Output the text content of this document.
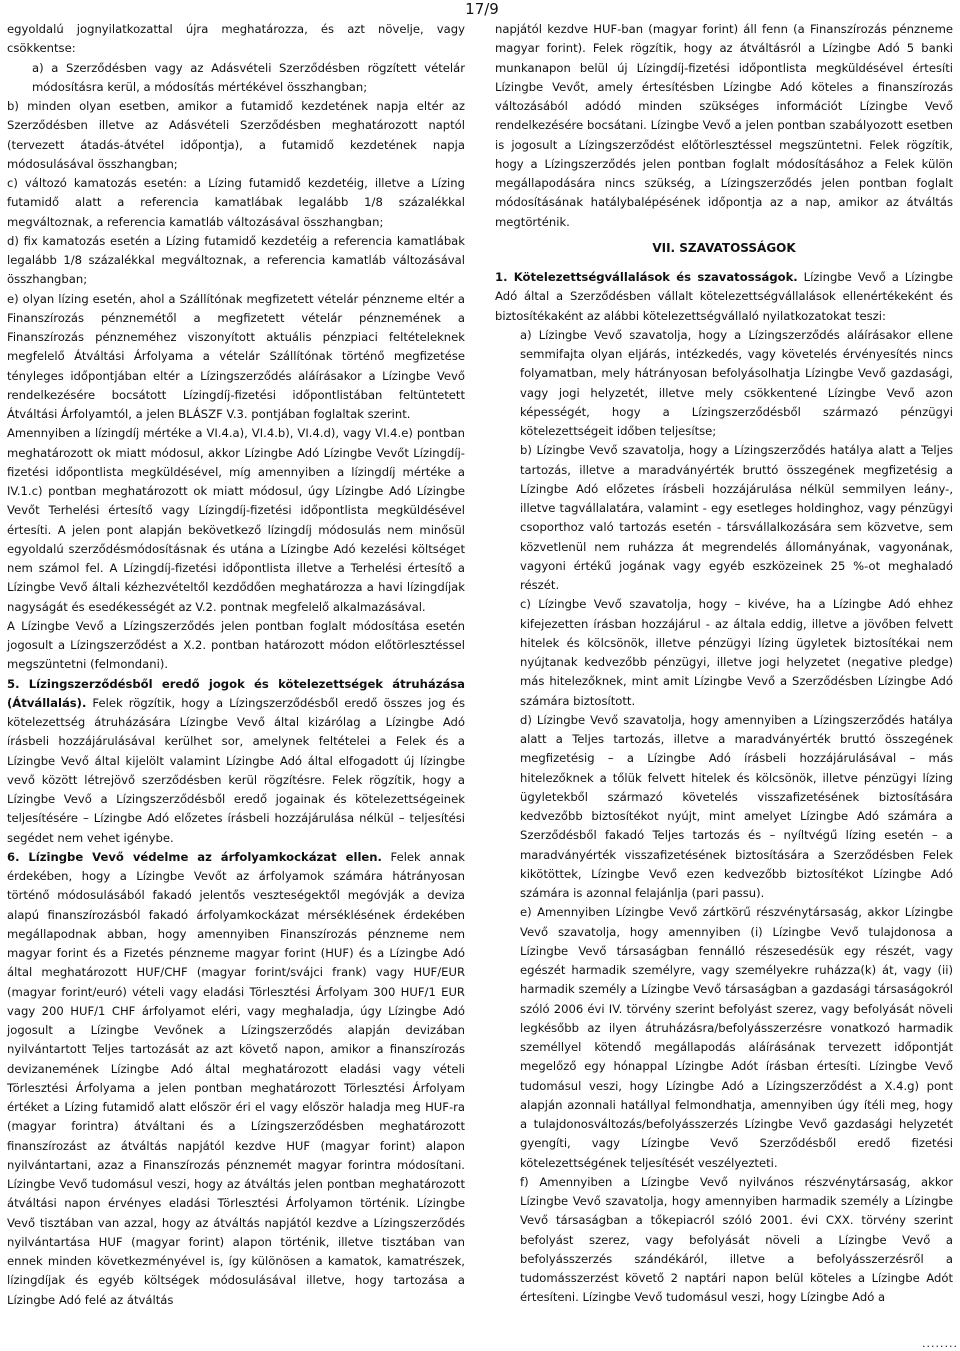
17/9

egyoldalú jognyilatkozattal újra meghatározza, és azt növelje, vagy csökkentse:

a) a Szerződésben vagy az Adásvételi Szerződésben rögzített vételár módosításra kerül, a módosítás mértékével összhangban;

b) minden olyan esetben, amikor a futamidő kezdetének napja eltér az Szerződésben illetve az Adásvételi Szerződésben meghatározott naptól (tervezett átadás-átvétel időpontja), a futamidő kezdetének napja módosulásával összhangban;

c) változó kamatozás esetén: a Lízing futamidő kezdetéig, illetve a Lízing futamidő alatt a referencia kamatlábak legalább 1/8 százalékkal megváltoznak, a referencia kamatláb változásával összhangban;

d) fix kamatozás esetén a Lízing futamidő kezdetéig a referencia kamatlábak legalább 1/8 százalékkal megváltoznak, a referencia kamatláb változásával összhangban;

e) olyan lízing esetén, ahol a Szállítónak megfizetett vételár pénzneme eltér a Finanszírozás pénznemétől a megfizetett vételár pénznemének a Finanszírozás pénzneméhez viszonyított aktuális pénzpiaci feltételeknek megfelelő Átváltási Árfolyama a vételár Szállítónak történő megfizetése tényleges időpontjában eltér a Lízingszerződés aláírásakor a Lízingbe Vevő rendelkezésére bocsátott Lízingdíj-fizetési időpontlistában feltüntetett Átváltási Árfolyamtól, a jelen BLÁSZF V.3. pontjában foglaltak szerint.

Amennyiben a lízingdíj mértéke a VI.4.a), VI.4.b), VI.4.d), vagy VI.4.e) pontban meghatározott ok miatt módosul, akkor Lízingbe Adó Lízingbe Vevőt Lízingdíj-fizetési időpontlista megküldésével, míg amennyiben a lízingdíj mértéke a IV.1.c) pontban meghatározott ok miatt módosul, úgy Lízingbe Adó Lízingbe Vevőt Terhelési értesítő vagy Lízingdíj-fizetési időpontlista megküldésével értesíti. A jelen pont alapján bekövetkező lízingdíj módosulás nem minősül egyoldalú szerződésmódosításnak és utána a Lízingbe Adó kezelési költséget nem számol fel. A Lízingdíj-fizetési időpontlista illetve a Terhelési értesítő a Lízingbe Vevő általi kézhezvételtől kezdődően meghatározza a havi lízingdíjak nagyságát és esedékességét az V.2. pontnak megfelelő alkalmazásával.

A Lízingbe Vevő a Lízingszerződés jelen pontban foglalt módosítása esetén jogosult a Lízingszerződést a X.2. pontban határozott módon előtörlesztéssel megszüntetni (felmondani).

5. Lízingszerződésből eredő jogok és kötelezettségek átruházása (Átvállalás). Felek rögzítik, hogy a Lízingszerződésből eredő összes jog és kötelezettség átruházására Lízingbe Vevő által kizárólag a Lízingbe Adó írásbeli hozzájárulásával kerülhet sor, amelynek feltételei a Felek és a Lízingbe Vevő által kijelölt valamint Lízingbe Adó által elfogadott új lízingbe vevő között létrejövő szerződésben kerül rögzítésre. Felek rögzítik, hogy a Lízingbe Vevő a Lízingszerződésből eredő jogainak és kötelezettségeinek teljesítésére – Lízingbe Adó előzetes írásbeli hozzájárulása nélkül – teljesítési segédet nem vehet igénybe.

6. Lízingbe Vevő védelme az árfolyamkockázat ellen. Felek annak érdekében, hogy a Lízingbe Vevőt az árfolyamok számára hátrányosan történő módosulásából fakadó jelentős veszteségektől megóvják a deviza alapú finanszírozásból fakadó árfolyamkockázat mérséklésének érdekében megállapodnak abban, hogy amennyiben Finanszírozás pénzneme nem magyar forint és a Fizetés pénzneme magyar forint (HUF) és a Lízingbe Adó által meghatározott HUF/CHF (magyar forint/svájci frank) vagy HUF/EUR (magyar forint/euró) vételi vagy eladási Törlesztési Árfolyam 300 HUF/1 EUR vagy 200 HUF/1 CHF árfolyamot eléri, vagy meghaladja, úgy Lízingbe Adó jogosult a Lízingbe Vevőnek a Lízingszerződés alapján devizában nyilvántartott Teljes tartozását az azt követő napon, amikor a finanszírozás devizanemének Lízingbe Adó által meghatározott eladási vagy vételi Törlesztési Árfolyama a jelen pontban meghatározott Törlesztési Árfolyam értéket a Lízing futamidő alatt először éri el vagy először haladja meg HUF-ra (magyar forintra) átváltani és a Lízingszerződésben meghatározott finanszírozást az átváltás napjától kezdve HUF (magyar forint) alapon nyilvántartani, azaz a Finanszírozás pénznemét magyar forintra módosítani. Lízingbe Vevő tudomásul veszi, hogy az átváltás jelen pontban meghatározott átváltási napon érvényes eladási Törlesztési Árfolyamon történik. Lízingbe Vevő tisztában van azzal, hogy az átváltás napjától kezdve a Lízingszerződés nyilvántartása HUF (magyar forint) alapon történik, illetve tisztában van ennek minden következményével is, így különösen a kamatok, kamatrészek, lízingdíjak és egyéb költségek módosulásával illetve, hogy tartozása a Lízingbe Adó felé az átváltás

napjától kezdve HUF-ban (magyar forint) áll fenn (a Finanszírozás pénzneme magyar forint). Felek rögzítik, hogy az átváltásról a Lízingbe Adó 5 banki munkanapon belül új Lízingdíj-fizetési időpontlista megküldésével értesíti Lízingbe Vevőt, amely értesítésben Lízingbe Adó köteles a finanszírozás változásából adódó minden szükséges információt Lízingbe Vevő rendelkezésére bocsátani. Lízingbe Vevő a jelen pontban szabályozott esetben is jogosult a Lízingszerződést előtörlesztéssel megszüntetni. Felek rögzítik, hogy a Lízingszerződés jelen pontban foglalt módosításához a Felek külön megállapodására nincs szükség, a Lízingszerződés jelen pontban foglalt módosításának hatálybalépésének időpontja az a nap, amikor az átváltás megtörténik.

VII. SZAVATOSSÁGOK

1. Kötelezettségvállalások és szavatosságok. Lízingbe Vevő a Lízingbe Adó által a Szerződésben vállalt kötelezettségvállalások ellenértékeként és biztosítékaként az alábbi kötelezettségvállaló nyilatkozatokat teszi:

a) Lízingbe Vevő szavatolja, hogy a Lízingszerződés aláírásakor ellene semmifajta olyan eljárás, intézkedés, vagy követelés érvényesítés nincs folyamatban, mely hátrányosan befolyásolhatja Lízingbe Vevő gazdasági, vagy jogi helyzetét, illetve mely csökkentené Lízingbe Vevő azon képességét, hogy a Lízingszerződésből származó pénzügyi kötelezettségeit időben teljesítse;

b) Lízingbe Vevő szavatolja, hogy a Lízingszerződés hatálya alatt a Teljes tartozás, illetve a maradványérték bruttó összegének megfizetésig a Lízingbe Adó előzetes írásbeli hozzájárulása nélkül semmilyen leány-, illetve tagvállalatára, valamint - egy esetleges holdinghoz, vagy pénzügyi csoporthoz való tartozás esetén - társvállalkozására sem közvetve, sem közvetlenül nem ruházza át megrendelés állományának, vagyonának, vagyoni értékű jogának vagy egyéb eszközeinek 25 %-ot meghaladó részét.

c) Lízingbe Vevő szavatolja, hogy – kivéve, ha a Lízingbe Adó ehhez kifejezetten írásban hozzájárul - az általa eddig, illetve a jövőben felvett hitelek és kölcsönök, illetve pénzügyi lízing ügyletek biztosítékai nem nyújtanak kedvezőbb pénzügyi, illetve jogi helyzetet (negative pledge) más hitelezőknek, mint amit Lízingbe Vevő a Szerződésben Lízingbe Adó számára biztosított.

d) Lízingbe Vevő szavatolja, hogy amennyiben a Lízingszerződés hatálya alatt a Teljes tartozás, illetve a maradványérték bruttó összegének megfizetésig – a Lízingbe Adó írásbeli hozzájárulásával – más hitelezőknek a tőlük felvett hitelek és kölcsönök, illetve pénzügyi lízing ügyletekből származó követelés visszafizetésének biztosítására kedvezőbb biztosítékot nyújt, mint amelyet Lízingbe Adó számára a Szerződésből fakadó Teljes tartozás és – nyíltvégű lízing esetén – a maradványérték visszafizetésének biztosítására a Szerződésben Felek kikötöttek, Lízingbe Vevő ezen kedvezőbb biztosítékot Lízingbe Adó számára is azonnal felajánlja (pari passu).

e) Amennyiben Lízingbe Vevő zártkörű részvénytársaság, akkor Lízingbe Vevő szavatolja, hogy amennyiben (i) Lízingbe Vevő tulajdonosa a Lízingbe Vevő társaságban fennálló részesedésük egy részét, vagy egészét harmadik személyre, vagy személyekre ruházza(k) át, vagy (ii) harmadik személy a Lízingbe Vevő társaságban a gazdasági társaságokról szóló 2006 évi IV. törvény szerint befolyást szerez, vagy befolyását növeli legkésőbb az ilyen átruházásra/befolyásszerzésre vonatkozó harmadik személlyel kötendő megállapodás aláírásának tervezett időpontját megelőző egy hónappal Lízingbe Adót írásban értesíti. Lízingbe Vevő tudomásul veszi, hogy Lízingbe Adó a Lízingszerződést a X.4.g) pont alapján azonnali hatállyal felmondhatja, amennyiben úgy ítéli meg, hogy a tulajdonosváltozás/befolyásszerzés Lízingbe Vevő gazdasági helyzetét gyengíti, vagy Lízingbe Vevő Szerződésből eredő fizetési kötelezettségének teljesítését veszélyezteti.

f) Amennyiben a Lízingbe Vevő nyilvános részvénytársaság, akkor Lízingbe Vevő szavatolja, hogy amennyiben harmadik személy a Lízingbe Vevő társaságban a tőkepiacról szóló 2001. évi CXX. törvény szerint befolyást szerez, vagy befolyását növeli a Lízingbe Vevő a befolyásszerzés szándékáról, illetve a befolyásszerzésről a tudomásszerzést követő 2 naptári napon belül köteles a Lízingbe Adót értesíteni. Lízingbe Vevő tudomásul veszi, hogy Lízingbe Adó a

........
